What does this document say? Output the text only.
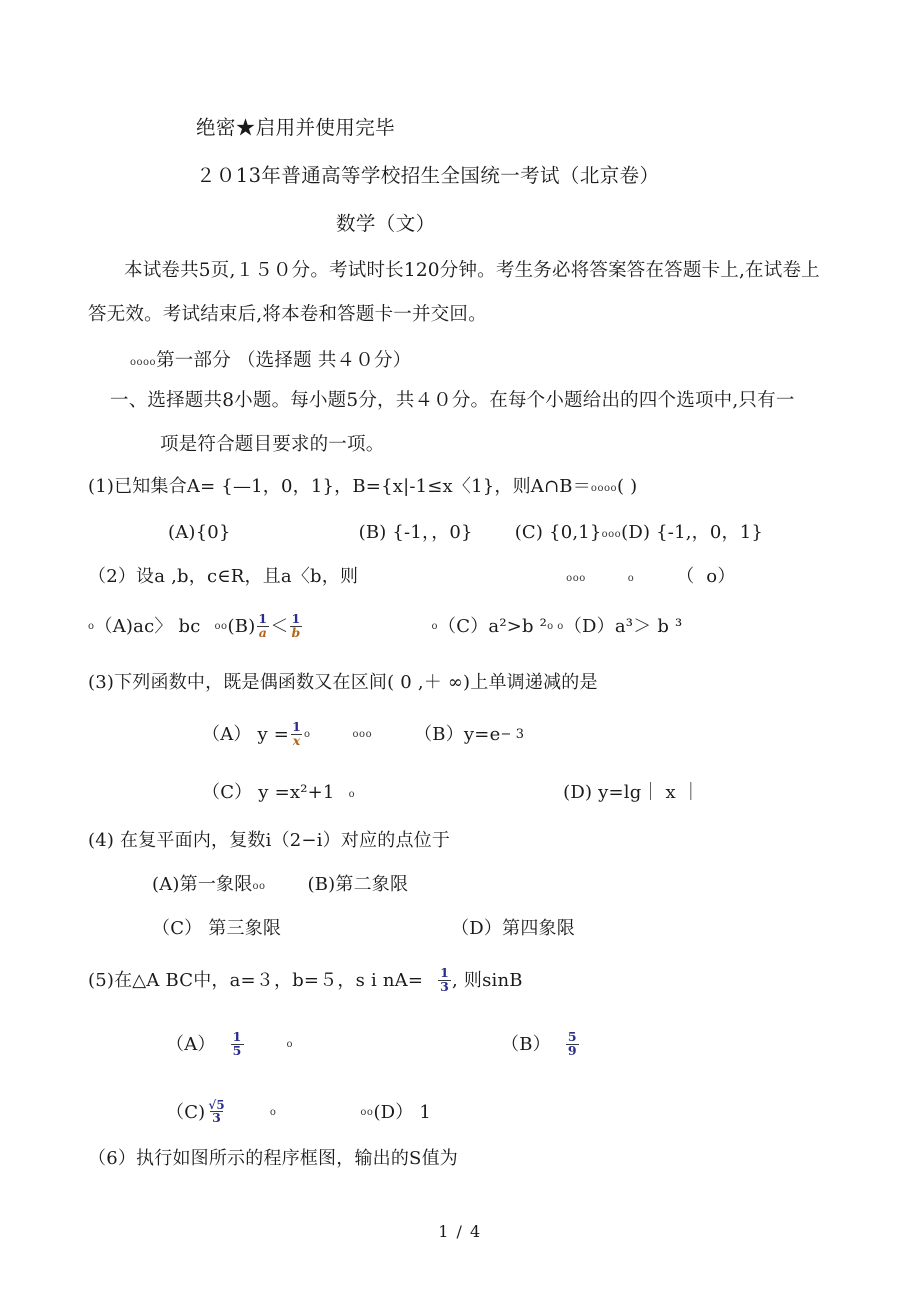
绝密★启用并使用完毕
２０13年普通高等学校招生全国统一考试（北京卷）
数学（文）
本试卷共5页,１５０分。考试时长120分钟。考生务必将答案答在答题卡上,在试卷上
答无效。考试结束后,将本卷和答题卡一并交回。
ᴏᴏᴏᴏ第一部分 （选择题 共４０分）
一、选择题共8小题。每小题5分，共４０分。在每个小题给出的四个选项中,只有一
项是符合题目要求的一项。
(1)已知集合A= {—1，0，1}，B={x|-1≤x〈1}，则A∩B＝ᴏᴏᴏᴏ( )
(A){0}	(B) {-1，，0} (C) {0,1}ᴏᴏᴏ(D) {-1,，0，1}
（2）设a ,b，c∈R，且a〈b，则	ᴏᴏᴏ	ᴏ （  ᴏ）
ᴏ （A)ac〉 bc ᴏᴏ $(B) \frac{1}{a} < \frac{1}{b}$	ᴏ （C）a²>b ² ᴏ ᴏ （D）a³＞ b ³
(3)下列函数中，既是偶函数又在区间( 0 ,＋ ∞)上单调递减的是
（A） $y = \frac{1}{x}$ ᴏ	ᴏᴏᴏ （B）y=e − 3
（C） y =x²+1 ᴏ	(D) y=lg｜ x ｜
(4) 在复平面内，复数i（2−i）对应的点位于
(A)第一象限ᴏᴏ (B)第二象限
（C） 第三象限	（D）第四象限
(5)在△A BC中，a=３，b=５，s i $nA= \frac{1}{3}$ , 则sinB
$(A) \frac{1}{5}$	ᴏ	$(B) \frac{5}{9}$
$(C) \frac{√5}{3}$	ᴏ	ᴏᴏ (D） 1
（6）执行如图所示的程序框图，输出的S值为
1 / 4
